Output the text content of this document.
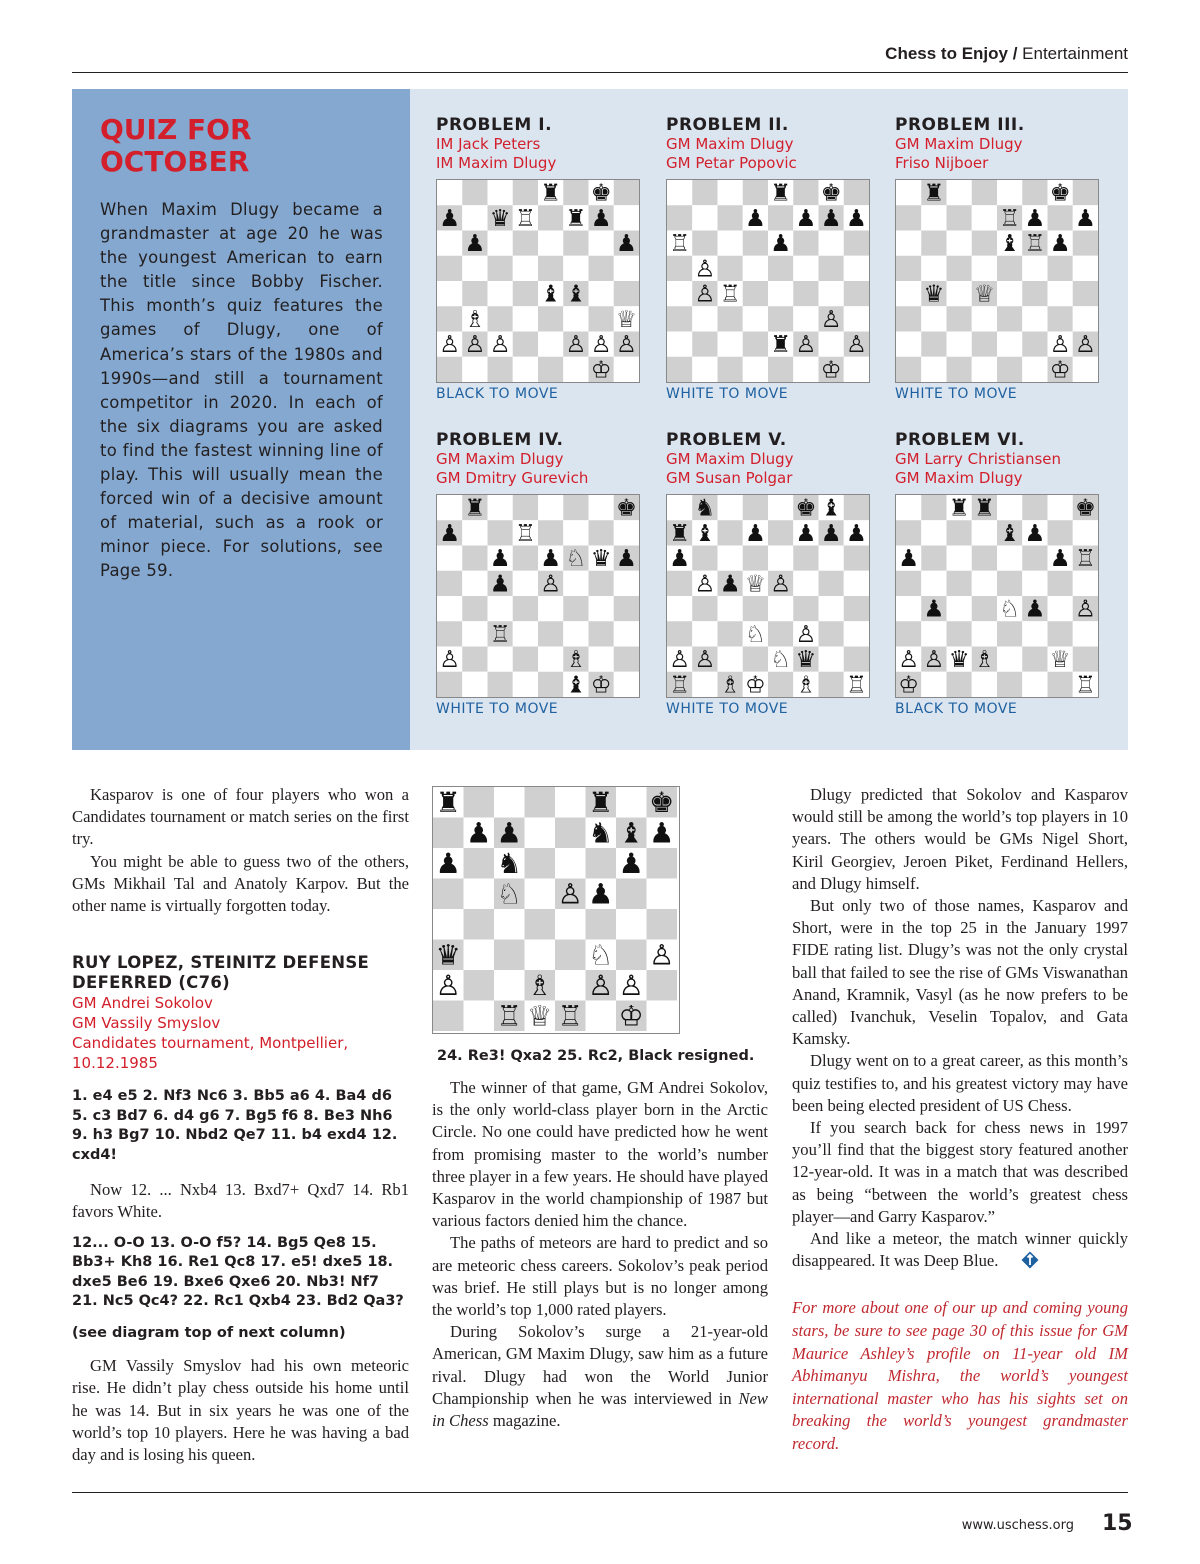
Chess to Enjoy / Entertainment
QUIZ FOR
OCTOBER
When Maxim Dlugy became a grandmaster at age 20 he was the youngest American to earn the title since Bobby Fischer. This month’s quiz features the games of Dlugy, one of America’s stars of the 1980s and 1990s—and still a tournament competitor in 2020. In each of the six diagrams you are asked to find the fastest winning line of play. This will usually mean the forced win of a decisive amount of material, such as a rook or minor piece. For solutions, see Page 59.
PROBLEM I.
IM Jack Peters
IM Maxim Dlugy
♜ ♚
♟ ♛ ♖ ♜ ♟
♟	♟
♝ ♝
♗	♕
♙ ♙ ♙ ♙ ♙ ♙
♔
BLACK TO MOVE
PROBLEM II.
GM Maxim Dlugy
GM Petar Popovic
♜ ♚
♟ ♟ ♟ ♟
♖	♟
♙
♙ ♖
♙
♜ ♙ ♙
♔
WHITE TO MOVE
PROBLEM III.
GM Maxim Dlugy
Friso Nijboer
♜	♚
♖ ♟ ♟
♝ ♖ ♟
♛ ♕
♙ ♙
♔
WHITE TO MOVE
PROBLEM IV.
GM Maxim Dlugy
GM Dmitry Gurevich
♜	♚
♟ ♖
♟ ♟ ♘ ♛ ♟
♟ ♙
♖
♙	♗
♝ ♔
WHITE TO MOVE
PROBLEM V.
GM Maxim Dlugy
GM Susan Polgar
♞	♚ ♝
♜ ♝ ♟ ♟ ♟ ♟
♟
♙ ♟ ♕ ♙
♘ ♙
♙ ♙ ♘ ♛
♖ ♗ ♔ ♗ ♖
WHITE TO MOVE
PROBLEM VI.
GM Larry Christiansen
GM Maxim Dlugy
♜ ♜	♚
♝ ♟
♟	♟ ♖
♟ ♘ ♟ ♙
♙ ♙ ♛ ♗ ♕
♔	♖
BLACK TO MOVE

Kasparov is one of four players who won a Candidates tournament or match series on the first try.

You might be able to guess two of the others, GMs Mikhail Tal and Anatoly Karpov. But the other name is virtually forgotten today.

RUY LOPEZ, STEINITZ DEFENSE DEFERRED (C76)
GM Andrei Sokolov
GM Vassily Smyslov
Candidates tournament, Montpellier, 10.12.1985
1. e4 e5 2. Nf3 Nc6 3. Bb5 a6 4. Ba4 d6 5. c3 Bd7 6. d4 g6 7. Bg5 f6 8. Be3 Nh6 9. h3 Bg7 10. Nbd2 Qe7 11. b4 exd4 12. cxd4!

Now 12. ... Nxb4 13. Bxd7+ Qxd7 14. Rb1 favors White.

12... O-O 13. O-O f5? 14. Bg5 Qe8 15. Bb3+ Kh8 16. Re1 Qc8 17. e5! dxe5 18. dxe5 Be6 19. Bxe6 Qxe6 20. Nb3! Nf7 21. Nc5 Qc4? 22. Rc1 Qxb4 23. Bd2 Qa3?
(see diagram top of next column)

GM Vassily Smyslov had his own meteoric rise. He didn’t play chess outside his home until he was 14. But in six years he was one of the world’s top 10 players. Here he was having a bad day and is losing his queen.

♜	♜ ♚
♟ ♟ ♞ ♝ ♟
♟ ♞	♟
♘ ♙ ♟
♛	♘ ♙
♙ ♗ ♙ ♙
♖ ♕ ♖ ♔
24. Re3! Qxa2 25. Rc2, Black resigned.

The winner of that game, GM Andrei Sokolov, is the only world-class player born in the Arctic Circle. No one could have predicted how he went from promising master to the world’s number three player in a few years. He should have played Kasparov in the world championship of 1987 but various factors denied him the chance.

The paths of meteors are hard to predict and so are meteoric chess careers. Sokolov’s peak period was brief. He still plays but is no longer among the world’s top 1,000 rated players.

During Sokolov’s surge a 21-year-old American, GM Maxim Dlugy, saw him as a future rival. Dlugy had won the World Junior Championship when he was interviewed in New in Chess magazine.

Dlugy predicted that Sokolov and Kasparov would still be among the world’s top players in 10 years. The others would be GMs Nigel Short, Kiril Georgiev, Jeroen Piket, Ferdinand Hellers, and Dlugy himself.

But only two of those names, Kasparov and Short, were in the top 25 in the January 1997 FIDE rating list. Dlugy’s was not the only crystal ball that failed to see the rise of GMs Viswanathan Anand, Kramnik, Vasyl (as he now prefers to be called) Ivanchuk, Veselin Topalov, and Gata Kamsky.

Dlugy went on to a great career, as this month’s quiz testifies to, and his greatest victory may have been being elected president of US Chess.

If you search back for chess news in 1997 you’ll find that the biggest story featured another 12-year-old. It was in a match that was described as being “between the world’s greatest chess player—and Garry Kasparov.”

And like a meteor, the match winner quickly disappeared. It was Deep Blue.

For more about one of our up and coming young stars, be sure to see page 30 of this issue for GM Maurice Ashley’s profile on 11-year old IM Abhimanyu Mishra, the world’s youngest international master who has his sights set on breaking the world’s youngest grandmaster record.
www.uschess.org 15
